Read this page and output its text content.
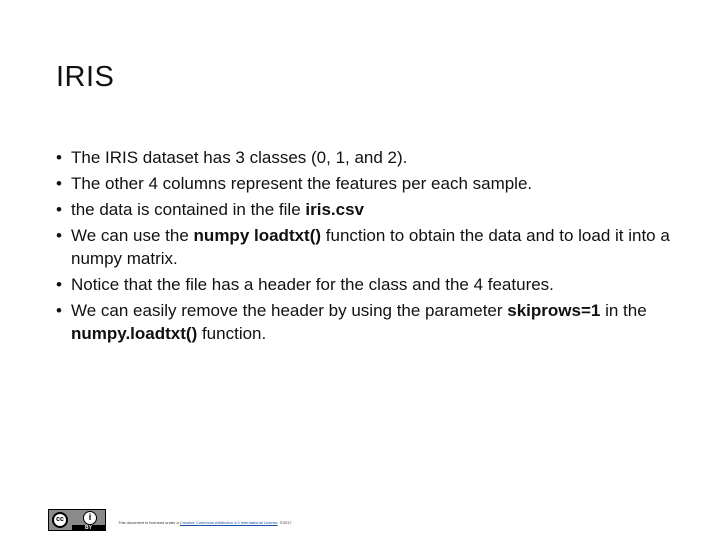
IRIS
• The IRIS dataset has 3 classes (0, 1, and 2).
• The other 4 columns represent the features per each sample.
• the data is contained in the file iris.csv
• We can use the numpy loadtxt() function to obtain the data and to load it into a numpy matrix.
• Notice that the file has a header for the class and the 4 features.
• We can easily remove the header by using the parameter skiprows=1 in the numpy.loadtxt() function.
cc	i
BY
This document is licensed under a Creative Commons Attribution 4.0 International License. ©2017
